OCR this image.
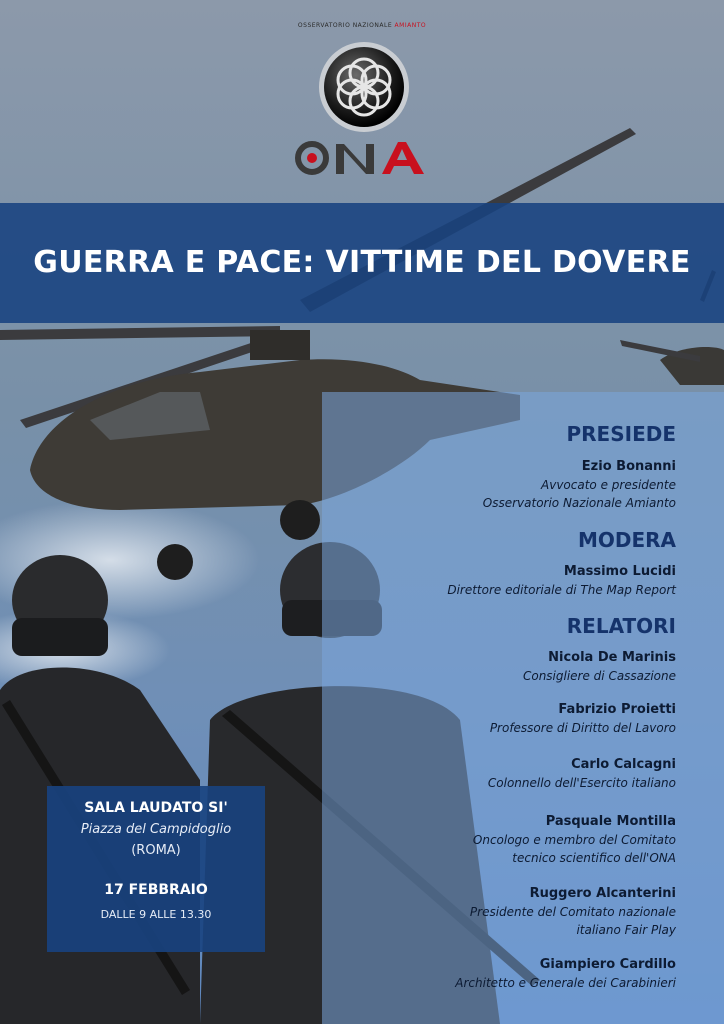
OSSERVATORIO NAZIONALE AMIANTO
ONA
GUERRA E PACE: VITTIME DEL DOVERE
PRESIEDE
Ezio Bonanni
Avvocato e presidente
Osservatorio Nazionale Amianto
MODERA
Massimo Lucidi
Direttore editoriale di The Map Report
RELATORI
Nicola De Marinis
Consigliere di Cassazione
Fabrizio Proietti
Professore di Diritto del Lavoro
Carlo Calcagni
Colonnello dell'Esercito italiano
Pasquale Montilla
Oncologo e membro del Comitato
tecnico scientifico dell'ONA
Ruggero Alcanterini
Presidente del Comitato nazionale
italiano Fair Play
Giampiero Cardillo
Architetto e Generale dei Carabinieri
SALA LAUDATO SI'
Piazza del Campidoglio
(ROMA)
17 FEBBRAIO
DALLE 9 ALLE 13.30
